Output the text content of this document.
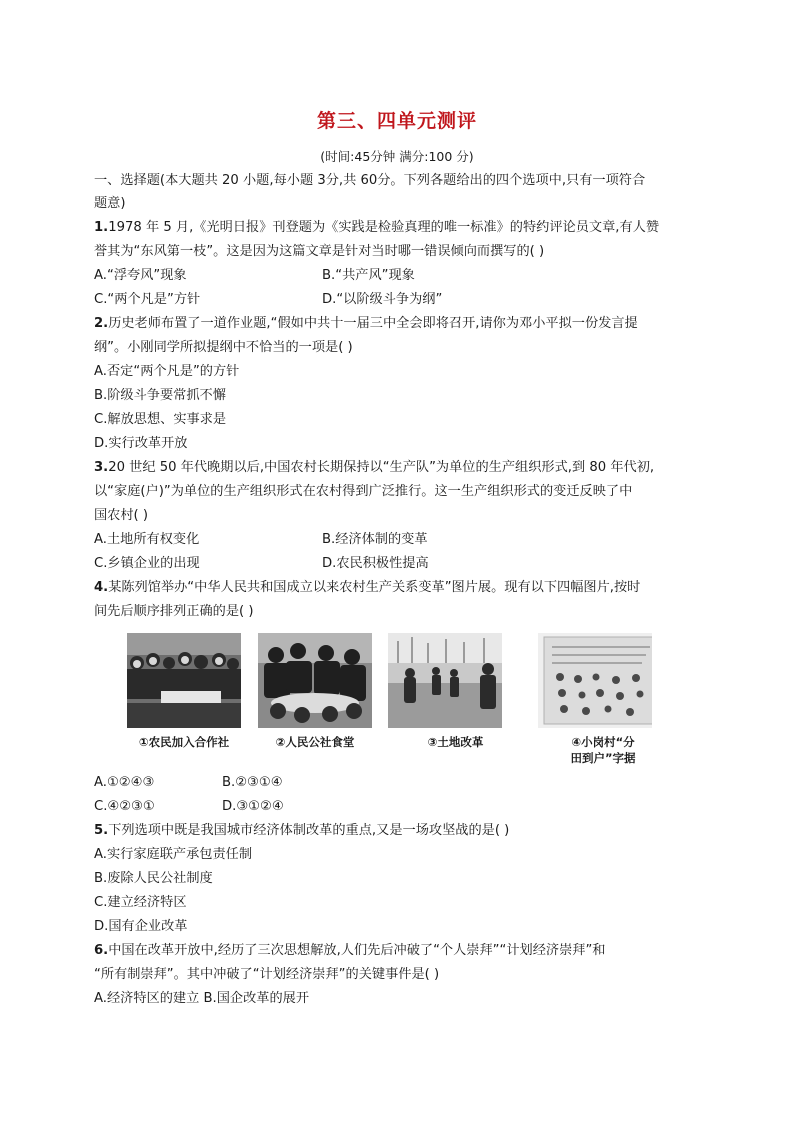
第三、四单元测评
(时间:45分钟 满分:100 分)
一、选择题(本大题共 20 小题,每小题 3分,共 60分。下列各题给出的四个选项中,只有一项符合
题意)
1.1978 年 5 月,《光明日报》刊登题为《实践是检验真理的唯一标准》的特约评论员文章,有人赞
誉其为“东风第一枝”。这是因为这篇文章是针对当时哪一错误倾向而撰写的( )
A.“浮夸风”现象	B.“共产风”现象
C.“两个凡是”方针	D.“以阶级斗争为纲”
2.历史老师布置了一道作业题,“假如中共十一届三中全会即将召开,请你为邓小平拟一份发言提
纲”。小刚同学所拟提纲中不恰当的一项是( )
A.否定“两个凡是”的方针
B.阶级斗争要常抓不懈
C.解放思想、实事求是
D.实行改革开放
3.20 世纪 50 年代晚期以后,中国农村长期保持以“生产队”为单位的生产组织形式,到 80 年代初,
以“家庭(户)”为单位的生产组织形式在农村得到广泛推行。这一生产组织形式的变迁反映了中
国农村( )
A.土地所有权变化	B.经济体制的变革
C.乡镇企业的出现	D.农民积极性提高
4.某陈列馆举办“中华人民共和国成立以来农村生产关系变革”图片展。现有以下四幅图片,按时
间先后顺序排列正确的是( )
①农民加入合作社	②人民公社食堂	③土地改革	④小岗村“分
田到户”字据
A.①②④③	B.②③①④
C.④②③①	D.③①②④
5.下列选项中既是我国城市经济体制改革的重点,又是一场攻坚战的是( )
A.实行家庭联产承包责任制
B.废除人民公社制度
C.建立经济特区
D.国有企业改革
6.中国在改革开放中,经历了三次思想解放,人们先后冲破了“个人崇拜”“计划经济崇拜”和
“所有制崇拜”。其中冲破了“计划经济崇拜”的关键事件是( )
A.经济特区的建立 B.国企改革的展开
